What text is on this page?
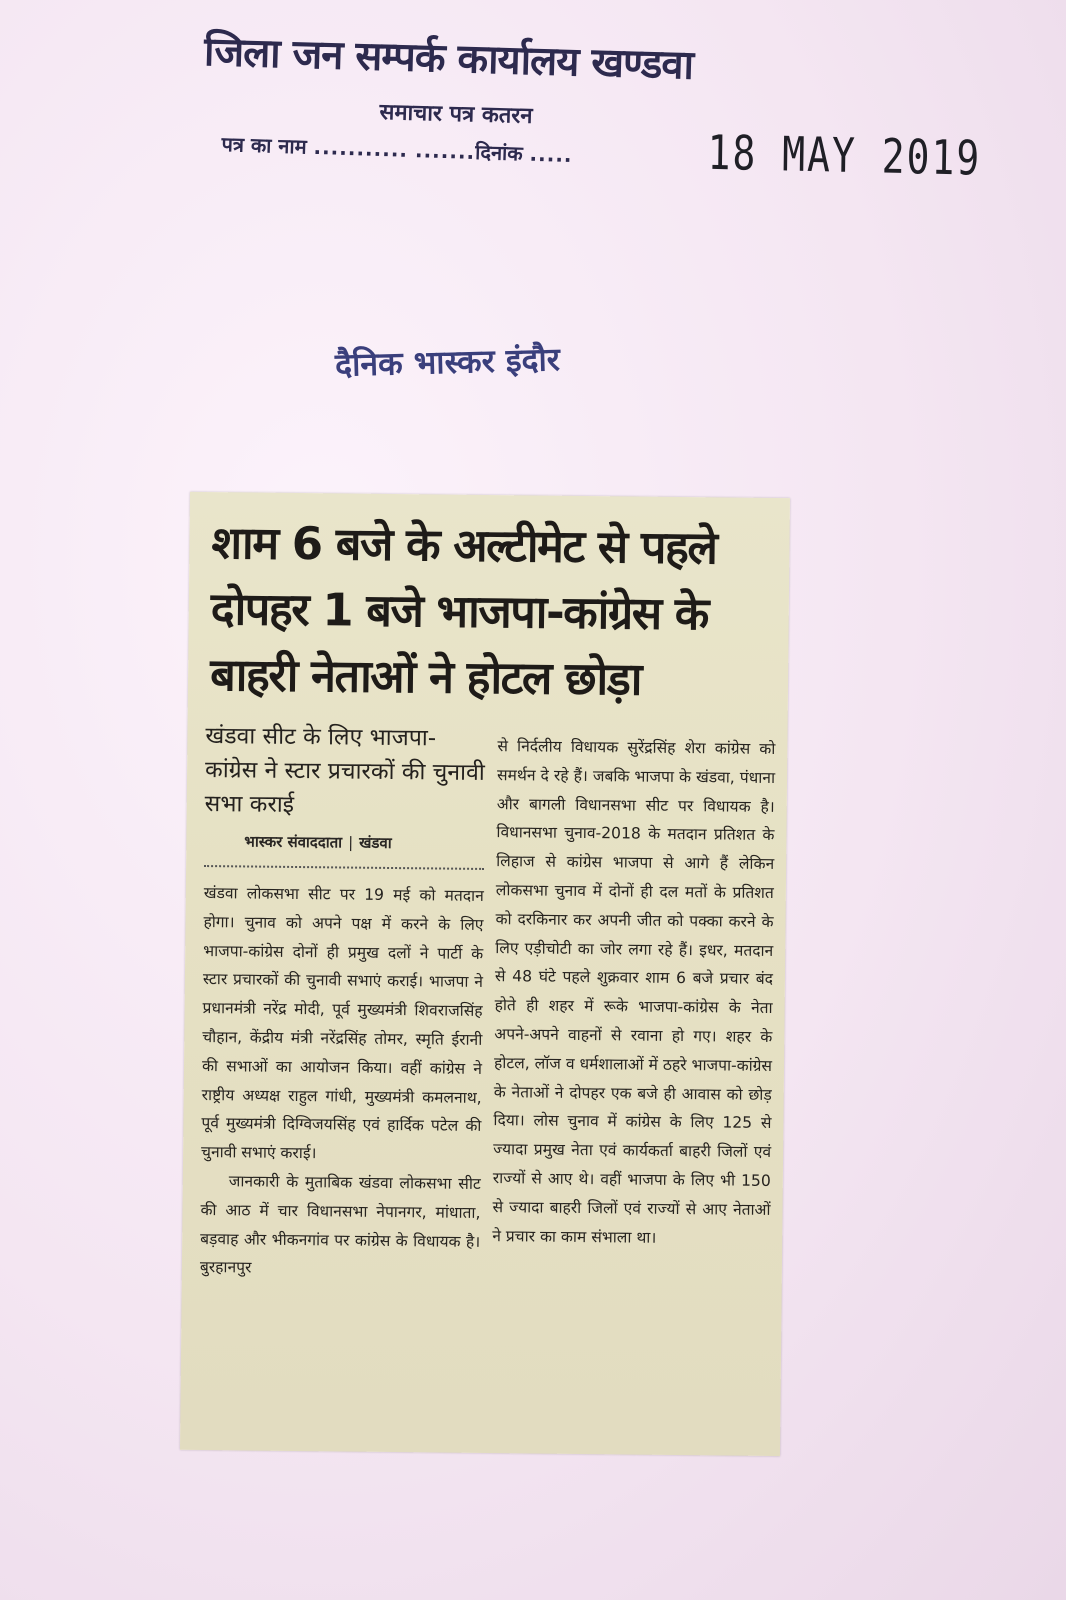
जिला जन सम्पर्क कार्यालय खण्डवा
समाचार पत्र कतरन
पत्र का नाम ........... .......दिनांक .....	18 MAY 2019
दैनिक भास्कर इंदौर
शाम 6 बजे के अल्टीमेट से पहले
दोपहर 1 बजे भाजपा-कांग्रेस के
बाहरी नेताओं ने होटल छोड़ा
खंडवा सीट के लिए भाजपा-कांग्रेस ने स्टार प्रचारकों की चुनावी सभा कराई
भास्कर संवाददाता | खंडवा

खंडवा लोकसभा सीट पर 19 मई को मतदान होगा। चुनाव को अपने पक्ष में करने के लिए भाजपा-कांग्रेस दोनों ही प्रमुख दलों ने पार्टी के स्टार प्रचारकों की चुनावी सभाएं कराई। भाजपा ने प्रधानमंत्री नरेंद्र मोदी, पूर्व मुख्यमंत्री शिवराजसिंह चौहान, केंद्रीय मंत्री नरेंद्रसिंह तोमर, स्मृति ईरानी की सभाओं का आयोजन किया। वहीं कांग्रेस ने राष्ट्रीय अध्यक्ष राहुल गांधी, मुख्यमंत्री कमलनाथ, पूर्व मुख्यमंत्री दिग्विजयसिंह एवं हार्दिक पटेल की चुनावी सभाएं कराई।

जानकारी के मुताबिक खंडवा लोकसभा सीट की आठ में चार विधानसभा नेपानगर, मांधाता, बड़वाह और भीकनगांव पर कांग्रेस के विधायक है। बुरहानपुर

से निर्दलीय विधायक सुरेंद्रसिंह शेरा कांग्रेस को समर्थन दे रहे हैं। जबकि भाजपा के खंडवा, पंधाना और बागली विधानसभा सीट पर विधायक है। विधानसभा चुनाव-2018 के मतदान प्रतिशत के लिहाज से कांग्रेस भाजपा से आगे हैं लेकिन लोकसभा चुनाव में दोनों ही दल मतों के प्रतिशत को दरकिनार कर अपनी जीत को पक्का करने के लिए एड़ीचोटी का जोर लगा रहे हैं। इधर, मतदान से 48 घंटे पहले शुक्रवार शाम 6 बजे प्रचार बंद होते ही शहर में रूके भाजपा-कांग्रेस के नेता अपने-अपने वाहनों से रवाना हो गए। शहर के होटल, लॉज व धर्मशालाओं में ठहरे भाजपा-कांग्रेस के नेताओं ने दोपहर एक बजे ही आवास को छोड़ दिया। लोस चुनाव में कांग्रेस के लिए 125 से ज्यादा प्रमुख नेता एवं कार्यकर्ता बाहरी जिलों एवं राज्यों से आए थे। वहीं भाजपा के लिए भी 150 से ज्यादा बाहरी जिलों एवं राज्यों से आए नेताओं ने प्रचार का काम संभाला था।
